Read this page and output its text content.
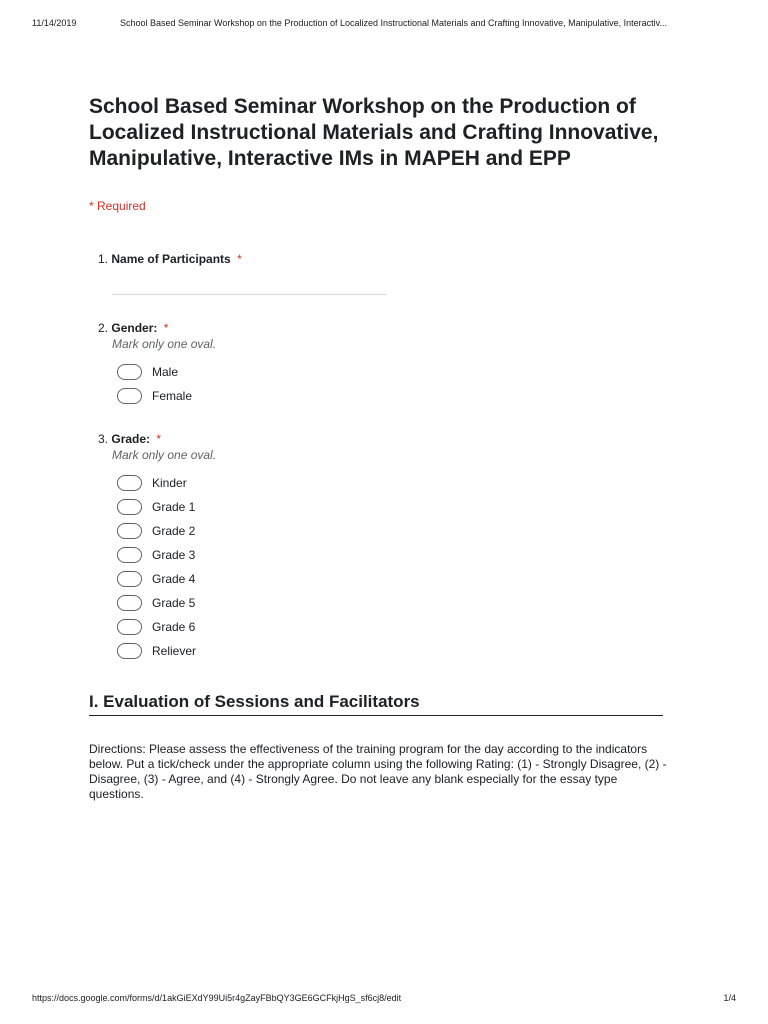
11/14/2019	School Based Seminar Workshop on the Production of Localized Instructional Materials and Crafting Innovative, Manipulative, Interactiv...
School Based Seminar Workshop on the Production of Localized Instructional Materials and Crafting Innovative, Manipulative, Interactive IMs in MAPEH and EPP
* Required
1. Name of Participants *
2. Gender: *
Mark only one oval.
Male
Female
3. Grade: *
Mark only one oval.
Kinder
Grade 1
Grade 2
Grade 3
Grade 4
Grade 5
Grade 6
Reliever
I. Evaluation of Sessions and Facilitators

Directions: Please assess the effectiveness of the training program for the day according to the indicators below. Put a tick/check under the appropriate column using the following Rating: (1) - Strongly Disagree, (2) - Disagree, (3) - Agree, and (4) - Strongly Agree. Do not leave any blank especially for the essay type questions.

https://docs.google.com/forms/d/1akGiEXdY99Ui5r4gZayFBbQY3GE6GCFkjHgS_sf6cj8/edit	1/4
